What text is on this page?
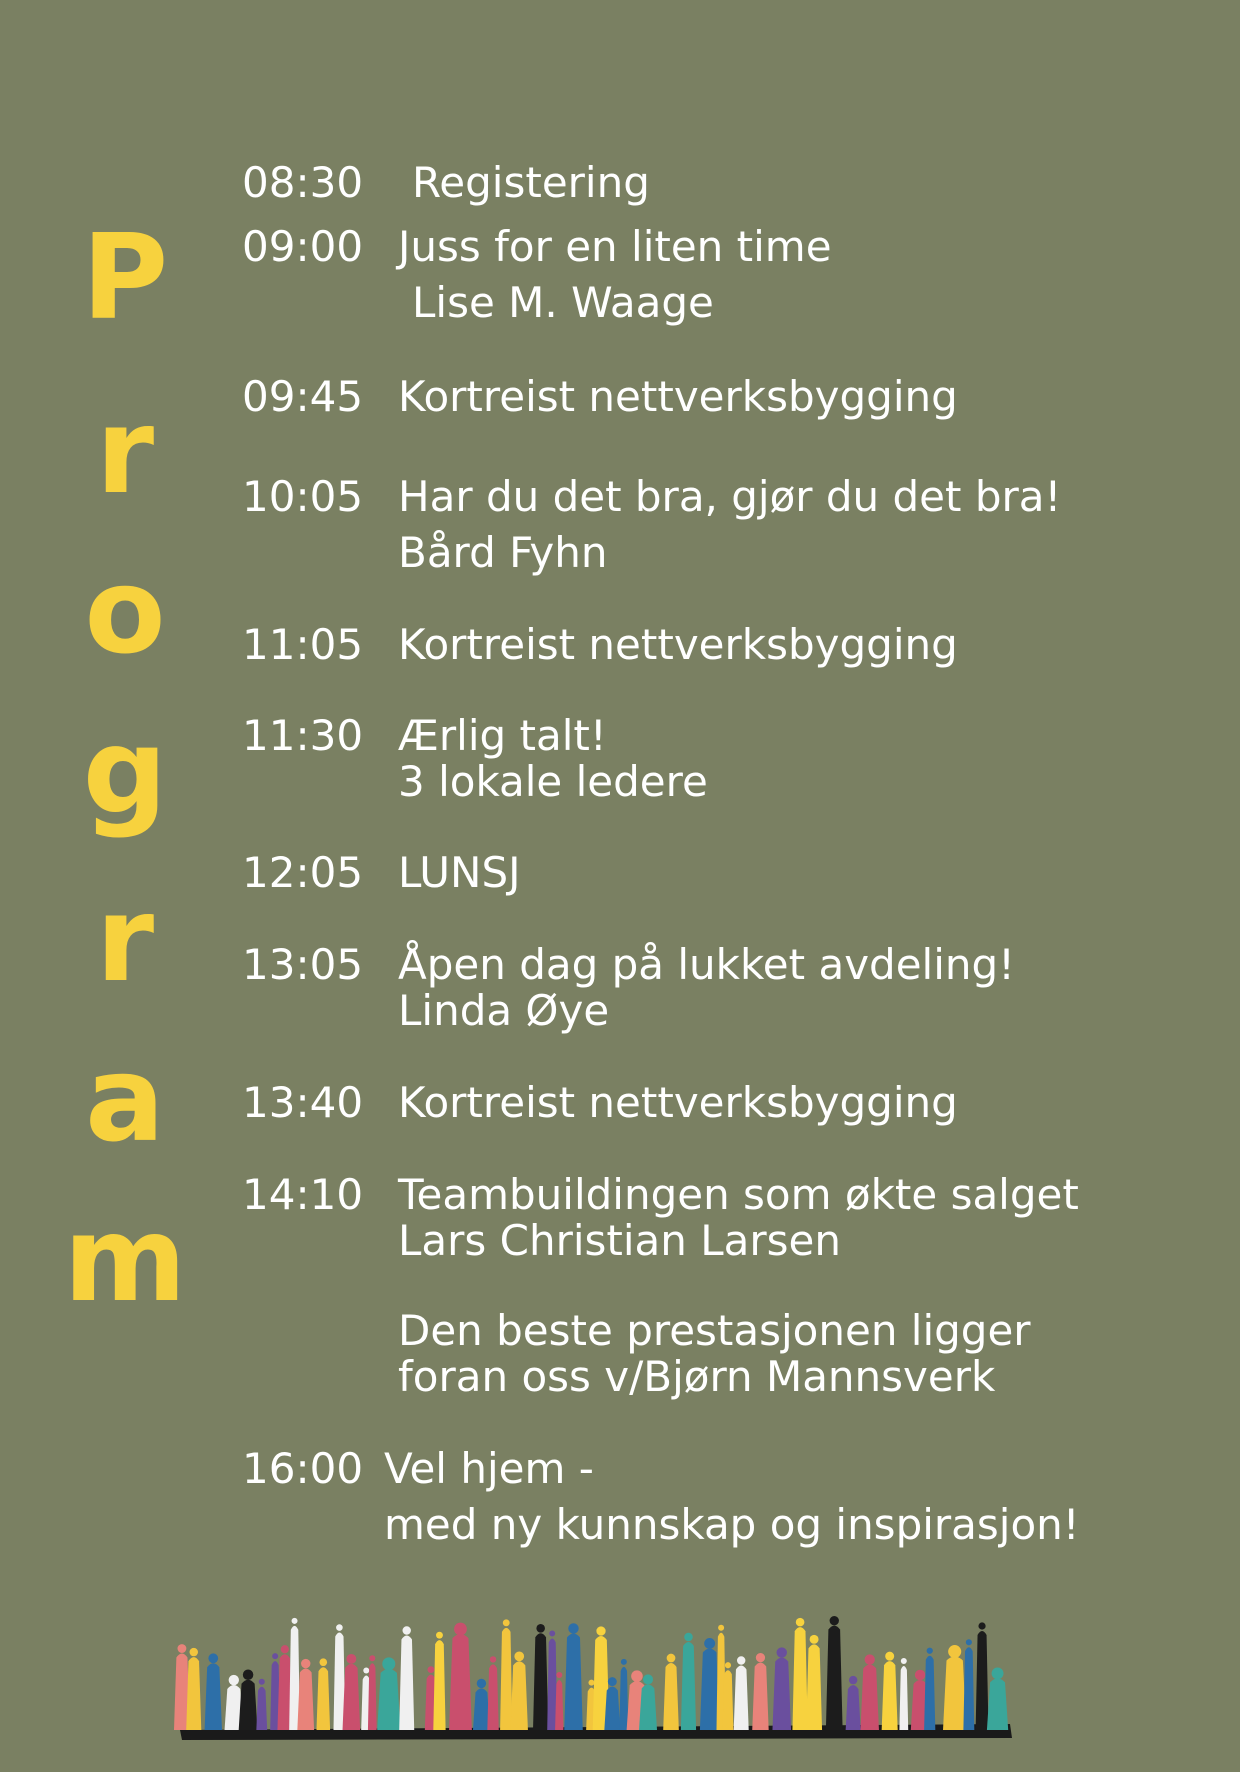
P
r
o
g
r
a
m
08:30 Registering
09:00 Juss for en liten time
Lise M. Waage
09:45 Kortreist nettverksbygging
10:05 Har du det bra, gjør du det bra!
Bård Fyhn
11:05 Kortreist nettverksbygging
11:30 Ærlig talt!
3 lokale ledere
12:05 LUNSJ
13:05 Åpen dag på lukket avdeling!
Linda Øye
13:40 Kortreist nettverksbygging
14:10 Teambuildingen som økte salget
Lars Christian Larsen
Den beste prestasjonen ligger
foran oss v/Bjørn Mannsverk
16:00 Vel hjem -
med ny kunnskap og inspirasjon!
